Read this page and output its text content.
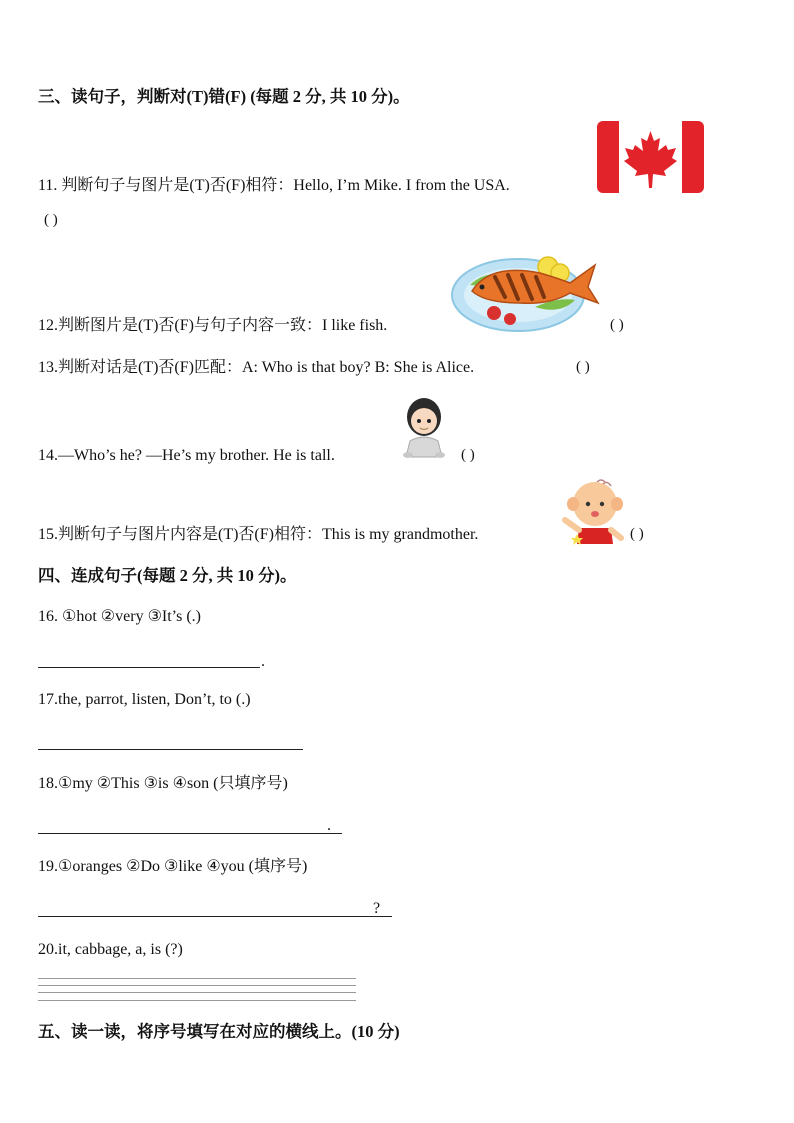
三、读句子，判断对(T)错(F) (每题 2 分, 共 10 分)。
11. 判断句子与图片是(T)否(F)相符：Hello, I’m Mike. I from the USA.
( )
12.判断图片是(T)否(F)与句子内容一致：I like fish.	( )
13.判断对话是(T)否(F)匹配：A: Who is that boy? B: She is Alice.	( )
14.—Who’s he? —He’s my brother. He is tall.	( )
15.判断句子与图片内容是(T)否(F)相符：This is my grandmother.	( )
四、连成句子(每题 2 分, 共 10 分)。
16. ①hot ②very ③It’s (.)
.
17.the, parrot, listen, Don’t, to (.)
18.①my ②This ③is ④son (只填序号)
.
19.①oranges ②Do ③like ④you (填序号)
?
20.it, cabbage, a, is (?)
五、读一读，将序号填写在对应的横线上。(10 分)
